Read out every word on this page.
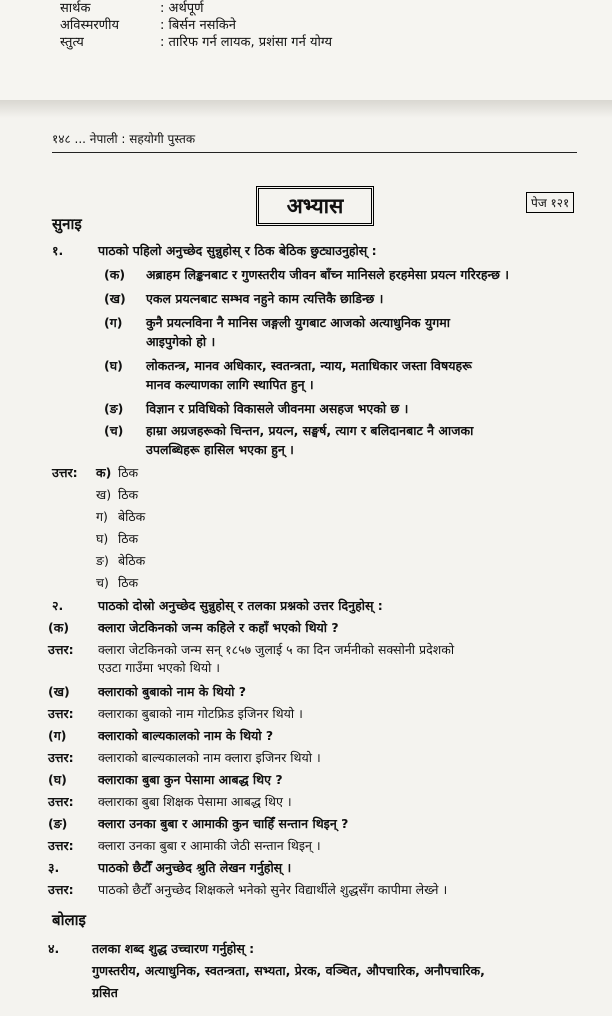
सार्थक	: अर्थपूर्ण
अविस्मरणीय	: बिर्सन नसकिने
स्तुत्य	: तारिफ गर्न लायक, प्रशंसा गर्न योग्य
१४८ ... नेपाली : सहयोगी पुस्तक
अभ्यास	पेज १२१
सुनाइ
१.	पाठको पहिलो अनुच्छेद सुन्नुहोस् र ठिक बेठिक छुट्याउनुहोस् :
(क) अब्राहम लिङ्कनबाट र गुणस्तरीय जीवन बाँच्न मानिसले हरहमेसा प्रयत्न गरिरहन्छ ।
(ख) एकल प्रयत्नबाट सम्भव नहुने काम त्यत्तिकै छाडिन्छ ।
(ग) कुनै प्रयत्नविना नै मानिस जङ्गली युगबाट आजको अत्याधुनिक युगमा
आइपुगेको हो ।
(घ) लोकतन्त्र, मानव अधिकार, स्वतन्त्रता, न्याय, मताधिकार जस्ता विषयहरू
मानव कल्याणका लागि स्थापित हुन् ।
(ङ) विज्ञान र प्रविधिको विकासले जीवनमा असहज भएको छ ।
(च) हाम्रा अग्रजहरूको चिन्तन, प्रयत्न, सङ्घर्ष, त्याग र बलिदानबाट नै आजका
उपलब्धिहरू हासिल भएका हुन् ।
उत्तर: क) ठिक
ख) ठिक
ग) बेठिक
घ) ठिक
ङ) बेठिक
च) ठिक
२.	पाठको दोस्रो अनुच्छेद सुन्नुहोस् र तलका प्रश्नको उत्तर दिनुहोस् :
(क) क्लारा जेटकिनको जन्म कहिले र कहाँ भएको थियो ?
उत्तर: क्लारा जेटकिनको जन्म सन् १८५७ जुलाई ५ का दिन जर्मनीको सक्सोनी प्रदेशको
एउटा गाउँमा भएको थियो ।
(ख) क्लाराको बुबाको नाम के थियो ?
उत्तर: क्लाराका बुबाको नाम गोटफ्रिड इजिनर थियो ।
(ग)	क्लाराको बाल्यकालको नाम के थियो ?
उत्तर: क्लाराको बाल्यकालको नाम क्लारा इजिनर थियो ।
(घ) क्लाराका बुबा कुन पेसामा आबद्ध थिए ?
उत्तर: क्लाराका बुबा शिक्षक पेसामा आबद्ध थिए ।
(ङ) क्लारा उनका बुबा र आमाकी कुन चाहिँ सन्तान थिइन् ?
उत्तर: क्लारा उनका बुबा र आमाकी जेठी सन्तान थिइन् ।
३.	पाठको छैटौँ अनुच्छेद श्रुति लेखन गर्नुहोस् ।
उत्तर: पाठको छैटौँ अनुच्छेद शिक्षकले भनेको सुनेर विद्यार्थीले शुद्धसँग कापीमा लेख्ने ।
बोलाइ
४.	तलका शब्द शुद्ध उच्चारण गर्नुहोस् :
गुणस्तरीय, अत्याधुनिक, स्वतन्त्रता, सभ्यता, प्रेरक, वञ्चित, औपचारिक, अनौपचारिक,
ग्रसित
